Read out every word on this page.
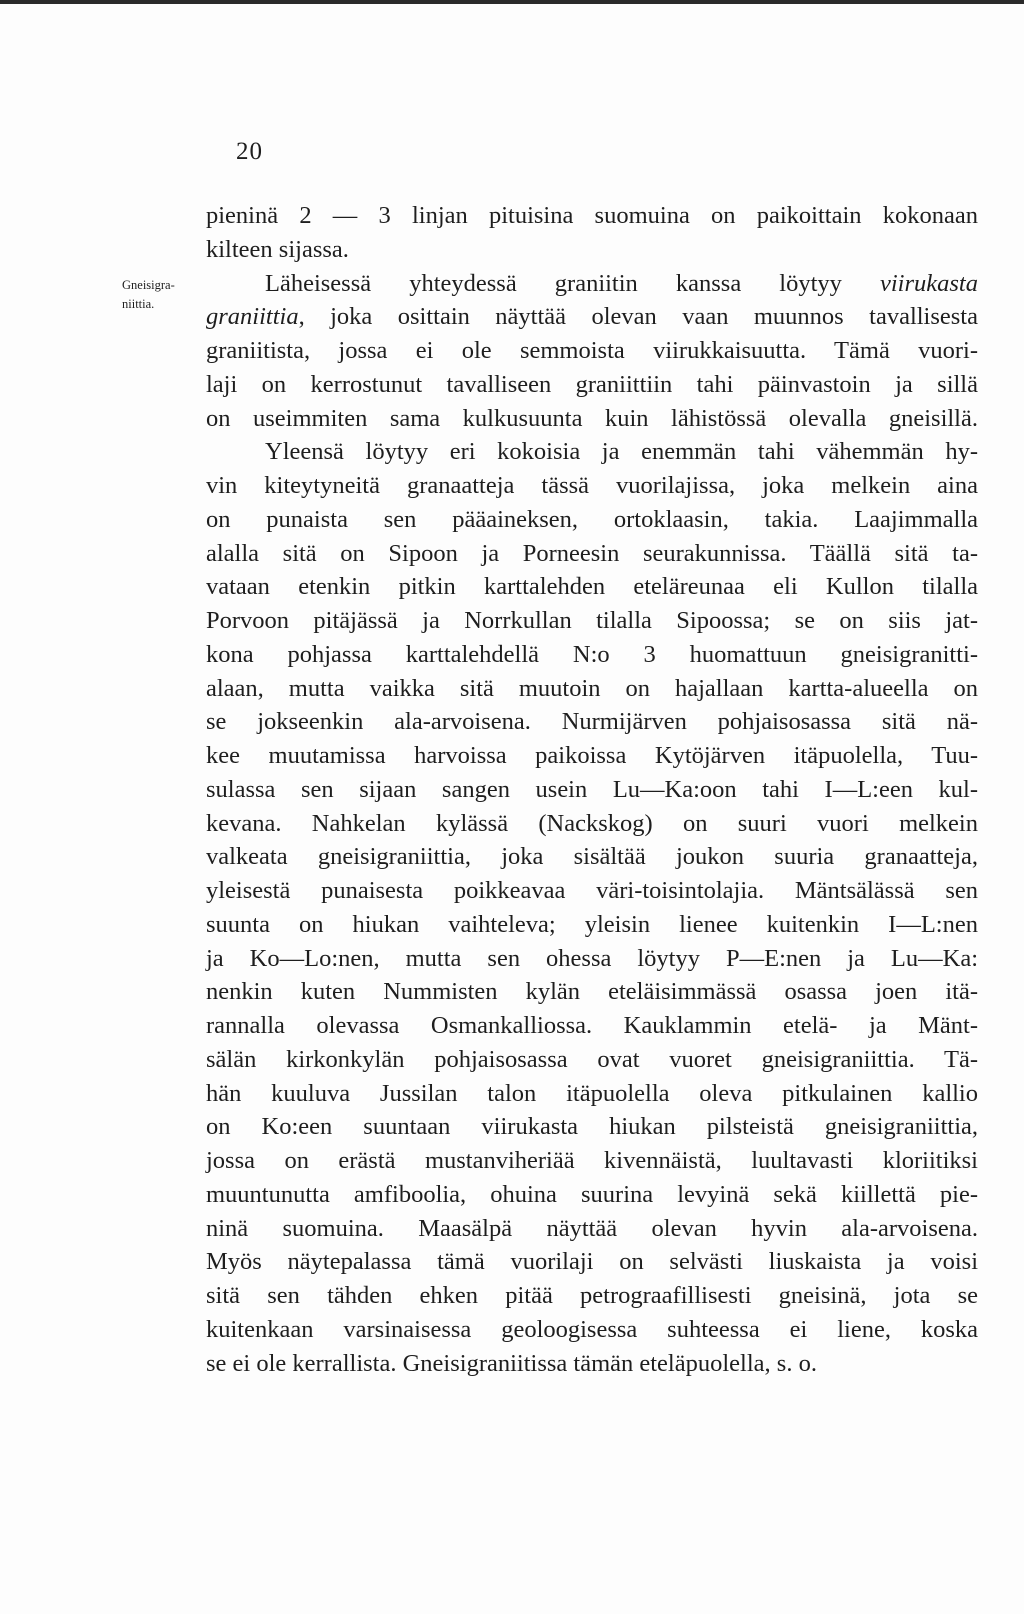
20
Gneisigra-
niittia.
pieninä 2 — 3 linjan pituisina suomuina on paikoittain kokonaan
kilteen sijassa.
Läheisessä yhteydessä graniitin kanssa löytyy viirukasta
graniittia, joka osittain näyttää olevan vaan muunnos tavallisesta
graniitista, jossa ei ole semmoista viirukkaisuutta. Tämä vuori-
laji on kerrostunut tavalliseen graniittiin tahi päinvastoin ja sillä
on useimmiten sama kulkusuunta kuin lähistössä olevalla gneisillä.
Yleensä löytyy eri kokoisia ja enemmän tahi vähemmän hy-
vin kiteytyneitä granaatteja tässä vuorilajissa, joka melkein aina
on punaista sen pääaineksen, ortoklaasin, takia. Laajimmalla
alalla sitä on Sipoon ja Porneesin seurakunnissa. Täällä sitä ta-
vataan etenkin pitkin karttalehden eteläreunaa eli Kullon tilalla
Porvoon pitäjässä ja Norrkullan tilalla Sipoossa; se on siis jat-
kona pohjassa karttalehdellä N:o 3 huomattuun gneisigranitti-
alaan, mutta vaikka sitä muutoin on hajallaan kartta-alueella on
se jokseenkin ala-arvoisena. Nurmijärven pohjaisosassa sitä nä-
kee muutamissa harvoissa paikoissa Kytöjärven itäpuolella, Tuu-
sulassa sen sijaan sangen usein Lu—Ka:oon tahi I—L:een kul-
kevana. Nahkelan kylässä (Nackskog) on suuri vuori melkein
valkeata gneisigraniittia, joka sisältää joukon suuria granaatteja,
yleisestä punaisesta poikkeavaa väri-toisintolajia. Mäntsälässä sen
suunta on hiukan vaihteleva; yleisin lienee kuitenkin I—L:nen
ja Ko—Lo:nen, mutta sen ohessa löytyy P—E:nen ja Lu—Ka:
nenkin kuten Nummisten kylän eteläisimmässä osassa joen itä-
rannalla olevassa Osmankalliossa. Kauklammin etelä- ja Mänt-
sälän kirkonkylän pohjaisosassa ovat vuoret gneisigraniittia. Tä-
hän kuuluva Jussilan talon itäpuolella oleva pitkulainen kallio
on Ko:een suuntaan viirukasta hiukan pilsteistä gneisigraniittia,
jossa on erästä mustanviheriää kivennäistä, luultavasti kloriitiksi
muuntunutta amfiboolia, ohuina suurina levyinä sekä kiillettä pie-
ninä suomuina. Maasälpä näyttää olevan hyvin ala-arvoisena.
Myös näytepalassa tämä vuorilaji on selvästi liuskaista ja voisi
sitä sen tähden ehken pitää petrograafillisesti gneisinä, jota se
kuitenkaan varsinaisessa geoloogisessa suhteessa ei liene, koska
se ei ole kerrallista. Gneisigraniitissa tämän eteläpuolella, s. o.
